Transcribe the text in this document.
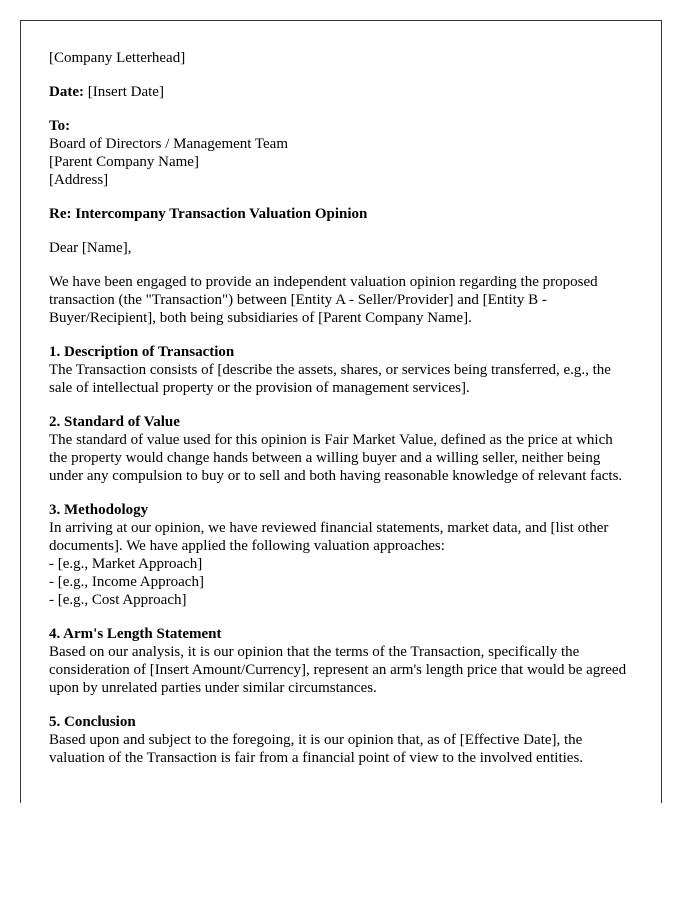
[Company Letterhead]

Date: [Insert Date]

To:
Board of Directors / Management Team
[Parent Company Name]
[Address]

Re: Intercompany Transaction Valuation Opinion

Dear [Name],

We have been engaged to provide an independent valuation opinion regarding the proposed transaction (the "Transaction") between [Entity A - Seller/Provider] and [Entity B - Buyer/Recipient], both being subsidiaries of [Parent Company Name].

1. Description of Transaction
The Transaction consists of [describe the assets, shares, or services being transferred, e.g., the sale of intellectual property or the provision of management services].
2. Standard of Value
The standard of value used for this opinion is Fair Market Value, defined as the price at which the property would change hands between a willing buyer and a willing seller, neither being under any compulsion to buy or to sell and both having reasonable knowledge of relevant facts.
3. Methodology
In arriving at our opinion, we have reviewed financial statements, market data, and [list other documents]. We have applied the following valuation approaches:
- [e.g., Market Approach]
- [e.g., Income Approach]
- [e.g., Cost Approach]
4. Arm's Length Statement
Based on our analysis, it is our opinion that the terms of the Transaction, specifically the consideration of [Insert Amount/Currency], represent an arm's length price that would be agreed upon by unrelated parties under similar circumstances.
5. Conclusion
Based upon and subject to the foregoing, it is our opinion that, as of [Effective Date], the valuation of the Transaction is fair from a financial point of view to the involved entities.
